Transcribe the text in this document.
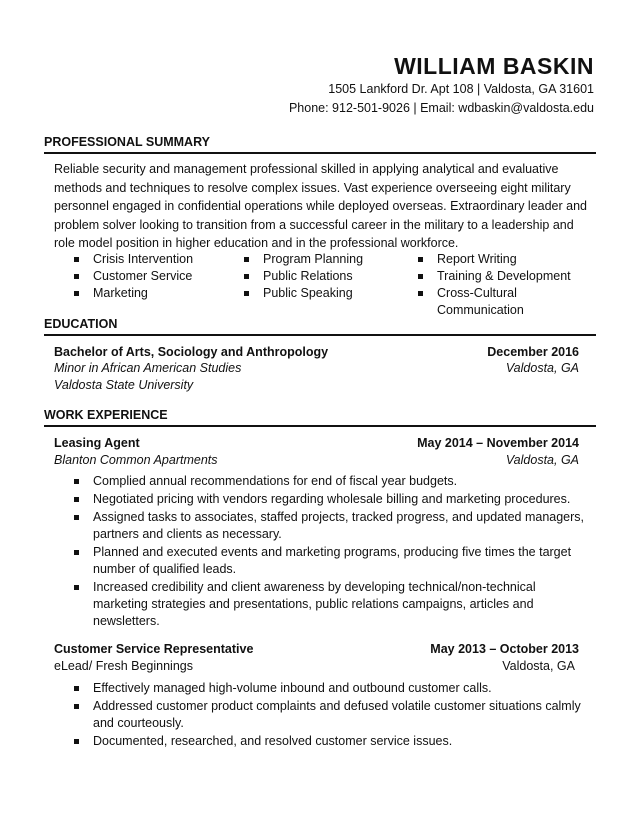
WILLIAM BASKIN
1505 Lankford Dr. Apt 108 | Valdosta, GA 31601
Phone: 912-501-9026 | Email: wdbaskin@valdosta.edu
PROFESSIONAL SUMMARY
Reliable security and management professional skilled in applying analytical and evaluative methods and techniques to resolve complex issues. Vast experience overseeing eight military personnel engaged in confidential operations while deployed overseas. Extraordinary leader and problem solver looking to transition from a successful career in the military to a leadership and role model position in higher education and in the professional workforce.
Crisis Intervention
Customer Service
Marketing
Program Planning
Public Relations
Public Speaking
Report Writing
Training & Development
Cross-Cultural Communication
EDUCATION
Bachelor of Arts, Sociology and Anthropology	December 2016
Minor in African American Studies	Valdosta, GA
Valdosta State University
WORK EXPERIENCE
Leasing Agent	May 2014 – November 2014
Blanton Common Apartments	Valdosta, GA
Complied annual recommendations for end of fiscal year budgets.
Negotiated pricing with vendors regarding wholesale billing and marketing procedures.
Assigned tasks to associates, staffed projects, tracked progress, and updated managers, partners and clients as necessary.
Planned and executed events and marketing programs, producing five times the target number of qualified leads.
Increased credibility and client awareness by developing technical/non-technical marketing strategies and presentations, public relations campaigns, articles and newsletters.
Customer Service Representative	May 2013 – October 2013
eLead/ Fresh Beginnings	Valdosta, GA
Effectively managed high-volume inbound and outbound customer calls.
Addressed customer product complaints and defused volatile customer situations calmly and courteously.
Documented, researched, and resolved customer service issues.
